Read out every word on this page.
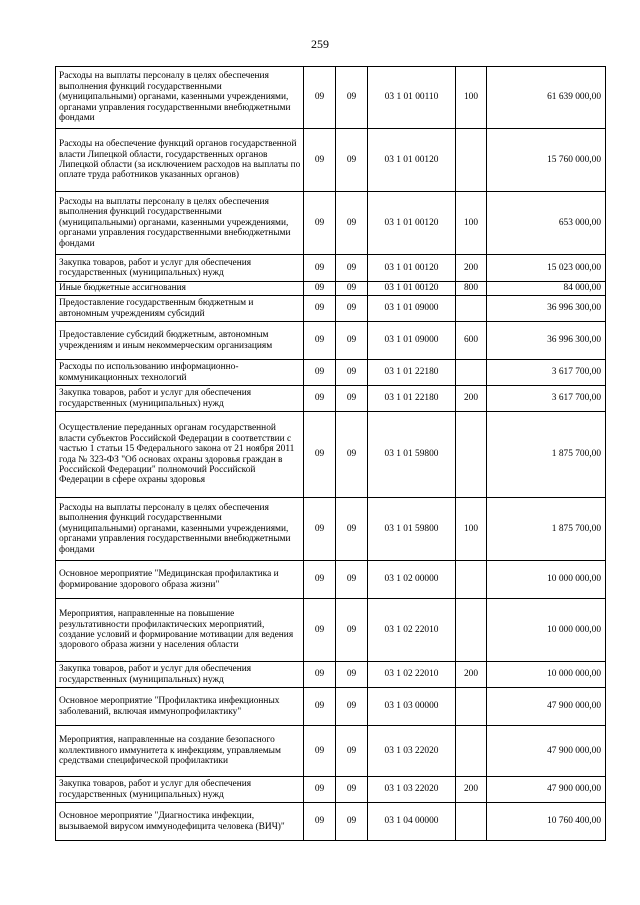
259
Расходы на выплаты персоналу в целях обеспечения выполнения функций государственными (муниципальными) органами, казенными учреждениями, органами управления государственными внебюджетными фондами	09	09	03 1 01 00110	100	61 639 000,00
Расходы на обеспечение функций органов государственной власти Липецкой области, государственных органов Липецкой области (за исключением расходов на выплаты по оплате труда работников указанных органов)	09	09	03 1 01 00120		15 760 000,00
Расходы на выплаты персоналу в целях обеспечения выполнения функций государственными (муниципальными) органами, казенными учреждениями, органами управления государственными внебюджетными фондами	09	09	03 1 01 00120	100	653 000,00
Закупка товаров, работ и услуг для обеспечения государственных (муниципальных) нужд	09	09	03 1 01 00120	200	15 023 000,00
Иные бюджетные ассигнования	09	09	03 1 01 00120	800	84 000,00
Предоставление государственным бюджетным и автономным учреждениям субсидий	09	09	03 1 01 09000		36 996 300,00
Предоставление субсидий бюджетным, автономным учреждениям и иным некоммерческим организациям	09	09	03 1 01 09000	600	36 996 300,00
Расходы по использованию информационно-коммуникационных технологий	09	09	03 1 01 22180		3 617 700,00
Закупка товаров, работ и услуг для обеспечения государственных (муниципальных) нужд	09	09	03 1 01 22180	200	3 617 700,00
Осуществление переданных органам государственной власти субъектов Российской Федерации в соответствии с частью 1 статьи 15 Федерального закона от 21 ноября 2011 года № 323-ФЗ "Об основах охраны здоровья граждан в Российской Федерации" полномочий Российской Федерации в сфере охраны здоровья	09	09	03 1 01 59800		1 875 700,00
Расходы на выплаты персоналу в целях обеспечения выполнения функций государственными (муниципальными) органами, казенными учреждениями, органами управления государственными внебюджетными фондами	09	09	03 1 01 59800	100	1 875 700,00
Основное мероприятие "Медицинская профилактика и формирование здорового образа жизни"	09	09	03 1 02 00000		10 000 000,00
Мероприятия, направленные на повышение результативности профилактических мероприятий, создание условий и формирование мотивации для ведения здорового образа жизни у населения области	09	09	03 1 02 22010		10 000 000,00
Закупка товаров, работ и услуг для обеспечения государственных (муниципальных) нужд	09	09	03 1 02 22010	200	10 000 000,00
Основное мероприятие "Профилактика инфекционных заболеваний, включая иммунопрофилактику"	09	09	03 1 03 00000		47 900 000,00
Мероприятия, направленные на создание безопасного коллективного иммунитета к инфекциям, управляемым средствами специфической профилактики	09	09	03 1 03 22020		47 900 000,00
Закупка товаров, работ и услуг для обеспечения государственных (муниципальных) нужд	09	09	03 1 03 22020	200	47 900 000,00
Основное мероприятие "Диагностика инфекции, вызываемой вирусом иммунодефицита человека (ВИЧ)"	09	09	03 1 04 00000		10 760 400,00
